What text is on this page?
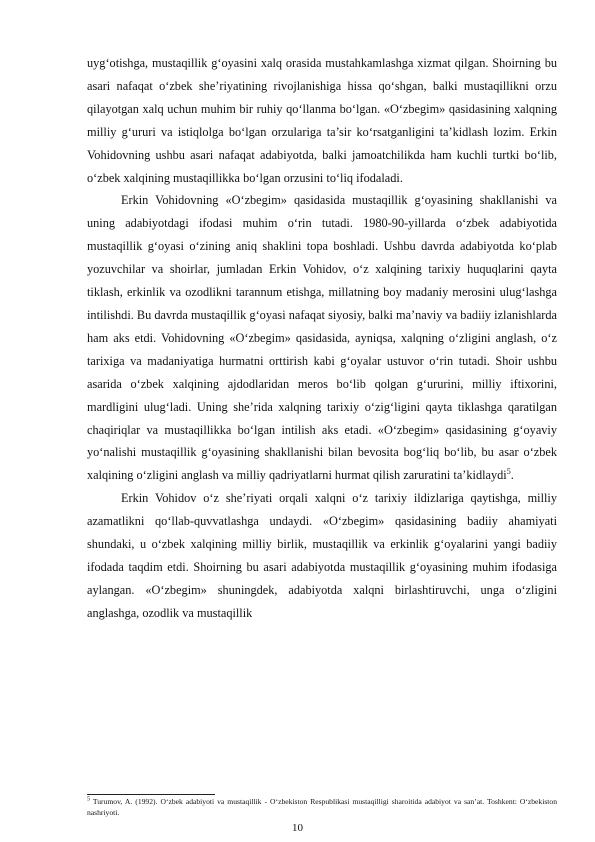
uyg‘otishga, mustaqillik g‘oyasini xalq orasida mustahkamlashga xizmat qilgan. Shoirning bu asari nafaqat o‘zbek she’riyatining rivojlanishiga hissa qo‘shgan, balki mustaqillikni orzu qilayotgan xalq uchun muhim bir ruhiy qo‘llanma bo‘lgan. «O‘zbegim» qasidasining xalqning milliy g‘ururi va istiqlolga bo‘lgan orzulariga ta’sir ko‘rsatganligini ta’kidlash lozim. Erkin Vohidovning ushbu asari nafaqat adabiyotda, balki jamoatchilikda ham kuchli turtki bo‘lib, o‘zbek xalqining mustaqillikka bo‘lgan orzusini to‘liq ifodaladi.

Erkin Vohidovning «O‘zbegim» qasidasida mustaqillik g‘oyasining shakllanishi va uning adabiyotdagi ifodasi muhim o‘rin tutadi. 1980-90-yillarda o‘zbek adabiyotida mustaqillik g‘oyasi o‘zining aniq shaklini topa boshladi. Ushbu davrda adabiyotda ko‘plab yozuvchilar va shoirlar, jumladan Erkin Vohidov, o‘z xalqining tarixiy huquqlarini qayta tiklash, erkinlik va ozodlikni tarannum etishga, millatning boy madaniy merosini ulug‘lashga intilishdi. Bu davrda mustaqillik g‘oyasi nafaqat siyosiy, balki ma’naviy va badiiy izlanishlarda ham aks etdi. Vohidovning «O‘zbegim» qasidasida, ayniqsa, xalqning o‘zligini anglash, o‘z tarixiga va madaniyatiga hurmatni orttirish kabi g‘oyalar ustuvor o‘rin tutadi. Shoir ushbu asarida o‘zbek xalqining ajdodlaridan meros bo‘lib qolgan g‘ururini, milliy iftixorini, mardligini ulug‘ladi. Uning she’rida xalqning tarixiy o‘zig‘ligini qayta tiklashga qaratilgan chaqiriqlar va mustaqillikka bo‘lgan intilish aks etadi. «O‘zbegim» qasidasining g‘oyaviy yo‘nalishi mustaqillik g‘oyasining shakllanishi bilan bevosita bog‘liq bo‘lib, bu asar o‘zbek xalqining o‘zligini anglash va milliy qadriyatlarni hurmat qilish zaruratini ta’kidlaydi$^5$.

Erkin Vohidov o‘z she’riyati orqali xalqni o‘z tarixiy ildizlariga qaytishga, milliy azamatlikni qo‘llab-quvvatlashga undaydi. «O‘zbegim» qasidasining badiiy ahamiyati shundaki, u o‘zbek xalqining milliy birlik, mustaqillik va erkinlik g‘oyalarini yangi badiiy ifodada taqdim etdi. Shoirning bu asari adabiyotda mustaqillik g‘oyasining muhim ifodasiga aylangan. «O‘zbegim» shuningdek, adabiyotda xalqni birlashtiruvchi, unga o‘zligini anglashga, ozodlik va mustaqillik

$^5$ Turumov, A. (1992). O‘zbek adabiyoti va mustaqillik - O‘zbekiston Respublikasi mustaqilligi sharoitida adabiyot va san’at. Toshkent: O‘zbekiston nashriyoti.
10
